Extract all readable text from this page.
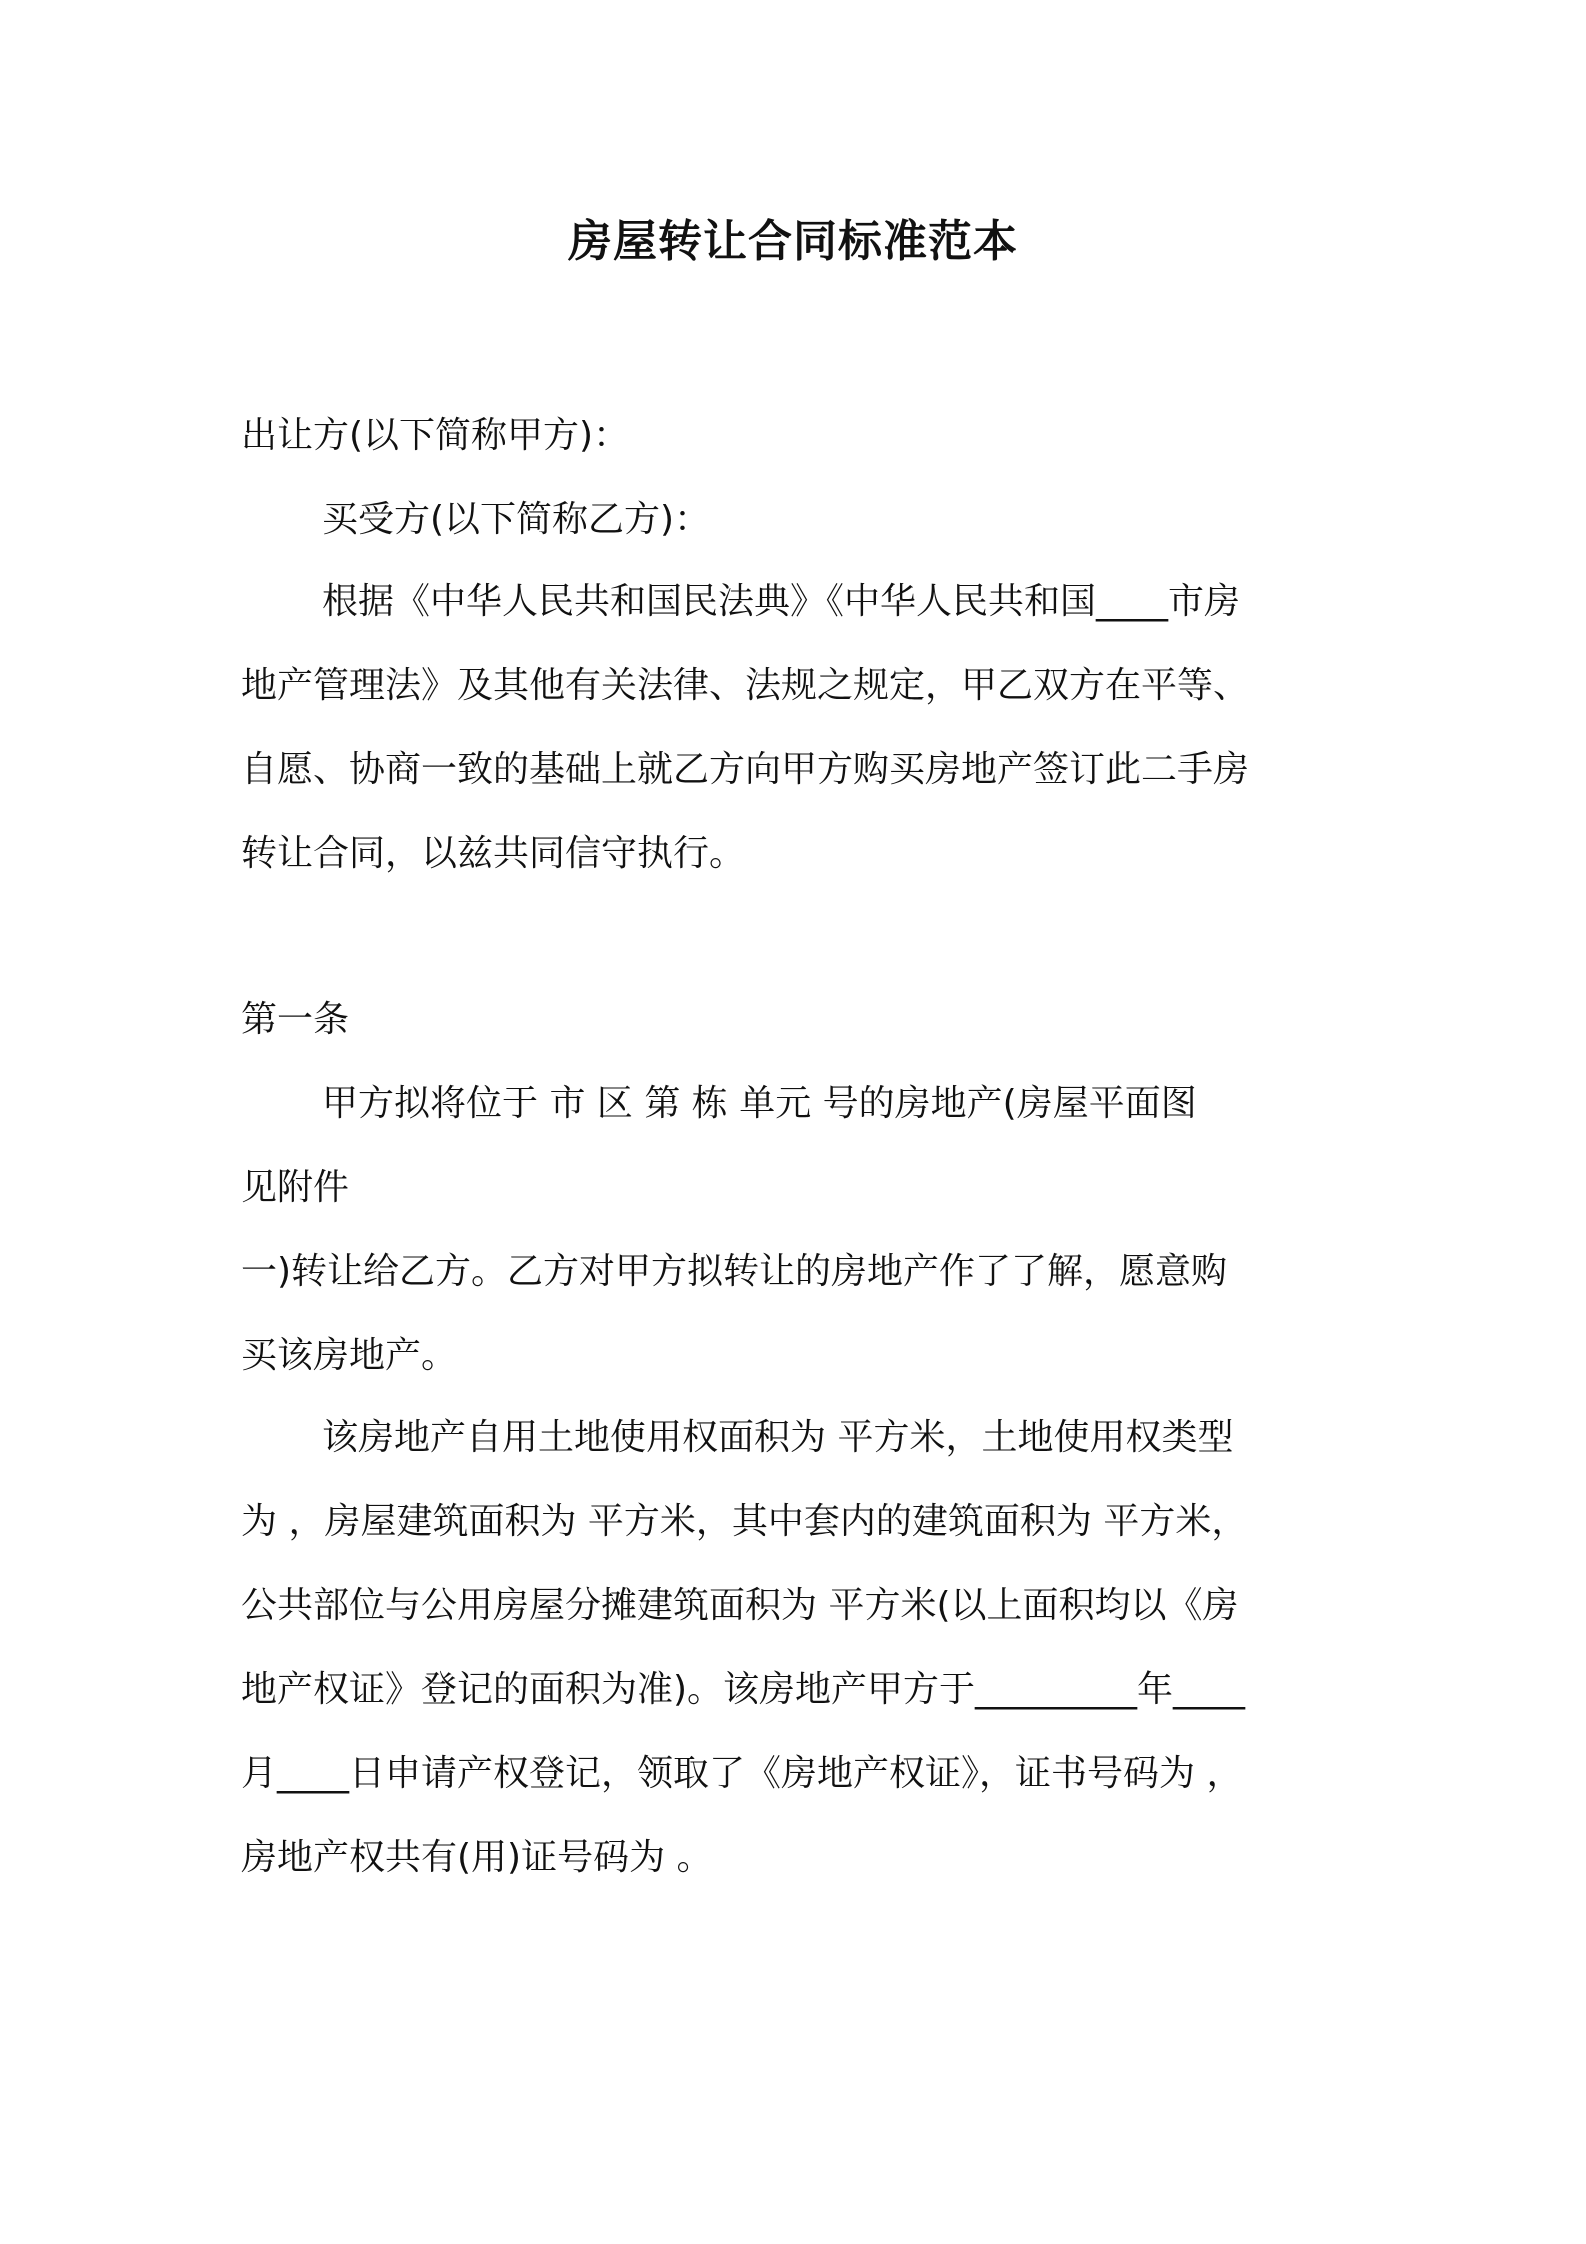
房屋转让合同标准范本
出让方(以下简称甲方)：
买受方(以下简称乙方)：
根据《中华人民共和国民法典》《中华人民共和国____市房
地产管理法》及其他有关法律、法规之规定，甲乙双方在平等、
自愿、协商一致的基础上就乙方向甲方购买房地产签订此二手房
转让合同，以兹共同信守执行。
第一条
甲方拟将位于 市 区 第 栋 单元 号的房地产(房屋平面图
见附件
一)转让给乙方。乙方对甲方拟转让的房地产作了了解，愿意购
买该房地产。
该房地产自用土地使用权面积为 平方米，土地使用权类型
为 ，房屋建筑面积为 平方米，其中套内的建筑面积为 平方米，
公共部位与公用房屋分摊建筑面积为 平方米(以上面积均以《房
地产权证》登记的面积为准)。该房地产甲方于_________年____
月____日申请产权登记，领取了《房地产权证》，证书号码为 ，
房地产权共有(用)证号码为 。
